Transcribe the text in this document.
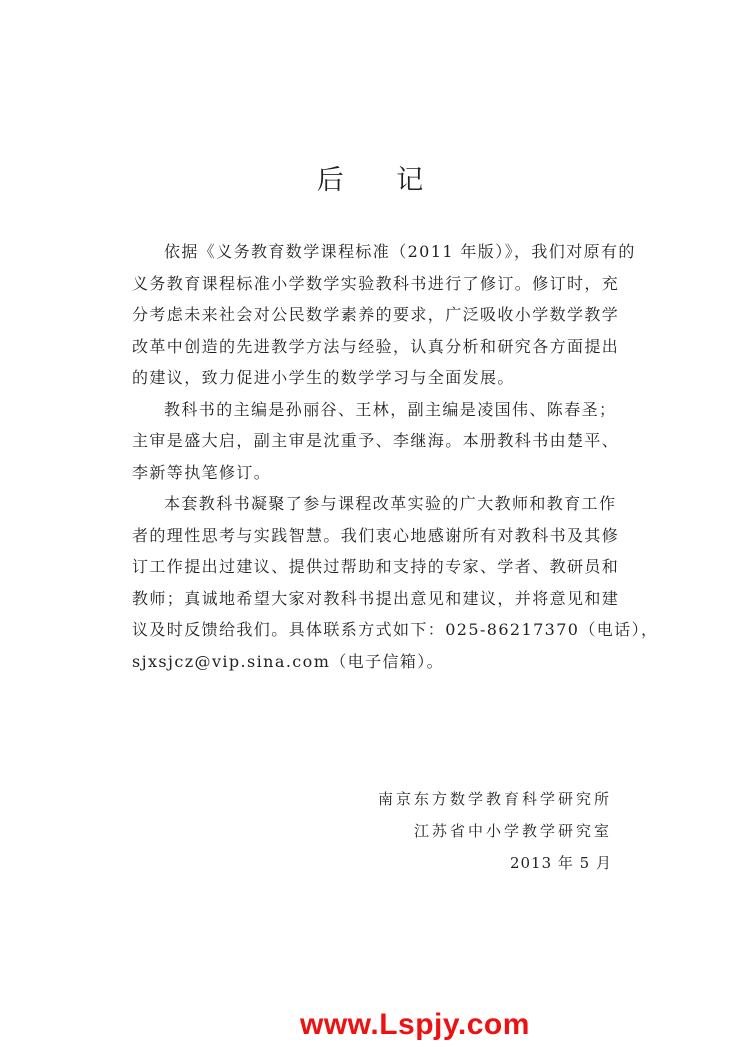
后 记

依据《义务教育数学课程标准（2011 年版）》，我们对原有的
义务教育课程标准小学数学实验教科书进行了修订。修订时，充
分考虑未来社会对公民数学素养的要求，广泛吸收小学数学教学
改革中创造的先进教学方法与经验，认真分析和研究各方面提出
的建议，致力促进小学生的数学学习与全面发展。

教科书的主编是孙丽谷、王林，副主编是凌国伟、陈春圣；
主审是盛大启，副主审是沈重予、李继海。本册教科书由楚平、
李新等执笔修订。

本套教科书凝聚了参与课程改革实验的广大教师和教育工作
者的理性思考与实践智慧。我们衷心地感谢所有对教科书及其修
订工作提出过建议、提供过帮助和支持的专家、学者、教研员和
教师；真诚地希望大家对教科书提出意见和建议，并将意见和建
议及时反馈给我们。具体联系方式如下：025-86217370（电话），
sjxsjcz@vip.sina.com（电子信箱）。

南京东方数学教育科学研究所
江苏省中小学教学研究室
2013 年 5 月
www.Lspjy.com
